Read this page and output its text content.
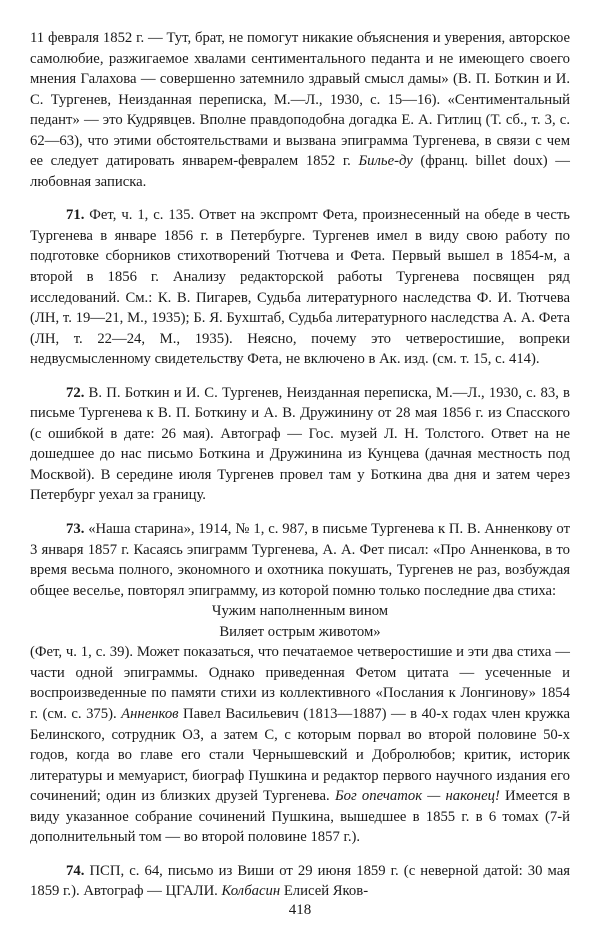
11 февраля 1852 г. — Тут, брат, не помогут никакие объяснения и уверения, авторское самолюбие, разжигаемое хвалами сентиментального педанта и не имеющего своего мнения Галахова — совершенно затемнило здравый смысл дамы» (В. П. Боткин и И. С. Тургенев, Неизданная переписка, М.—Л., 1930, с. 15—16). «Сентиментальный педант» — это Кудрявцев. Вполне правдоподобна догадка Е. А. Гитлиц (Т. сб., т. 3, с. 62—63), что этими обстоятельствами и вызвана эпиграмма Тургенева, в связи с чем ее следует датировать январем-февралем 1852 г. Билье-ду (франц. billet doux) — любовная записка.

71. Фет, ч. 1, с. 135. Ответ на экспромт Фета, произнесенный на обеде в честь Тургенева в январе 1856 г. в Петербурге. Тургенев имел в виду свою работу по подготовке сборников стихотворений Тютчева и Фета. Первый вышел в 1854-м, а второй в 1856 г. Анализу редакторской работы Тургенева посвящен ряд исследований. См.: К. В. Пигарев, Судьба литературного наследства Ф. И. Тютчева (ЛН, т. 19—21, М., 1935); Б. Я. Бухштаб, Судьба литературного наследства А. А. Фета (ЛН, т. 22—24, М., 1935). Неясно, почему это четверостишие, вопреки недвусмысленному свидетельству Фета, не включено в Ак. изд. (см. т. 15, с. 414).

72. В. П. Боткин и И. С. Тургенев, Неизданная переписка, М.—Л., 1930, с. 83, в письме Тургенева к В. П. Боткину и А. В. Дружинину от 28 мая 1856 г. из Спасского (с ошибкой в дате: 26 мая). Автограф — Гос. музей Л. Н. Толстого. Ответ на не дошедшее до нас письмо Боткина и Дружинина из Кунцева (дачная местность под Москвой). В середине июля Тургенев провел там у Боткина два дня и затем через Петербург уехал за границу.

73. «Наша старина», 1914, № 1, с. 987, в письме Тургенева к П. В. Анненкову от 3 января 1857 г. Касаясь эпиграмм Тургенева, А. А. Фет писал: «Про Анненкова, в то время весьма полного, экономного и охотника покушать, Тургенев не раз, возбуждая общее веселье, повторял эпиграмму, из которой помню только последние два стиха:

Чужим наполненным вином
Виляет острым животом»

(Фет, ч. 1, с. 39). Может показаться, что печатаемое четверостишие и эти два стиха — части одной эпиграммы. Однако приведенная Фетом цитата — усеченные и воспроизведенные по памяти стихи из коллективного «Послания к Лонгинову» 1854 г. (см. с. 375). Анненков Павел Васильевич (1813—1887) — в 40-х годах член кружка Белинского, сотрудник ОЗ, а затем С, с которым порвал во второй половине 50-х годов, когда во главе его стали Чернышевский и Добролюбов; критик, историк литературы и мемуарист, биограф Пушкина и редактор первого научного издания его сочинений; один из близких друзей Тургенева. Бог опечаток — наконец! Имеется в виду указанное собрание сочинений Пушкина, вышедшее в 1855 г. в 6 томах (7-й дополнительный том — во второй половине 1857 г.).

74. ПСП, с. 64, письмо из Виши от 29 июня 1859 г. (с неверной датой: 30 мая 1859 г.). Автограф — ЦГАЛИ. Колбасин Елисей Яков-

418
